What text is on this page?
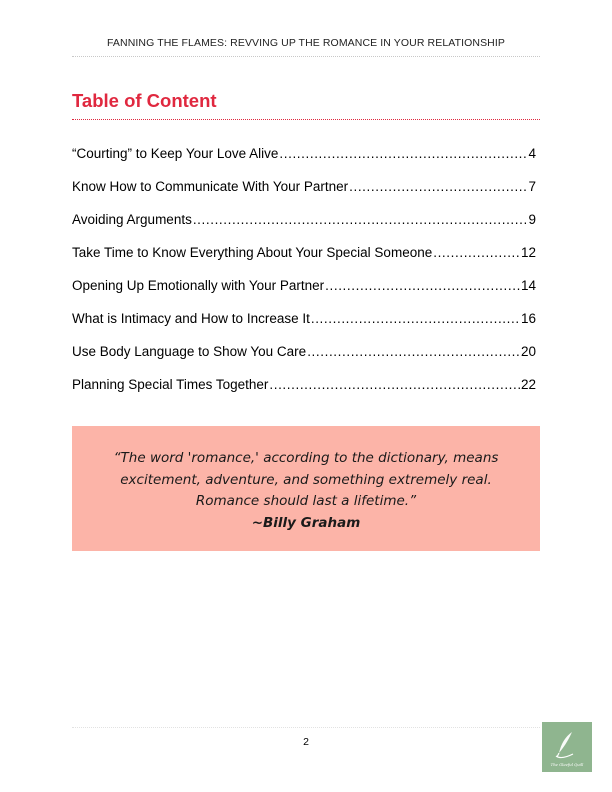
FANNING THE FLAMES: REVVING UP THE ROMANCE IN YOUR RELATIONSHIP
Table of Content
“Courting” to Keep Your Love Alive .....	4
Know How to Communicate With Your Partner .....	7
Avoiding Arguments .....	9
Take Time to Know Everything About Your Special Someone .....	12
Opening Up Emotionally with Your Partner .....	14
What is Intimacy and How to Increase It .....	16
Use Body Language to Show You Care .....	20
Planning Special Times Together .....	22

“The word 'romance,' according to the dictionary, means
excitement, adventure, and something extremely real.
Romance should last a lifetime.”
~Billy Graham

2
The Gleeful Quill
